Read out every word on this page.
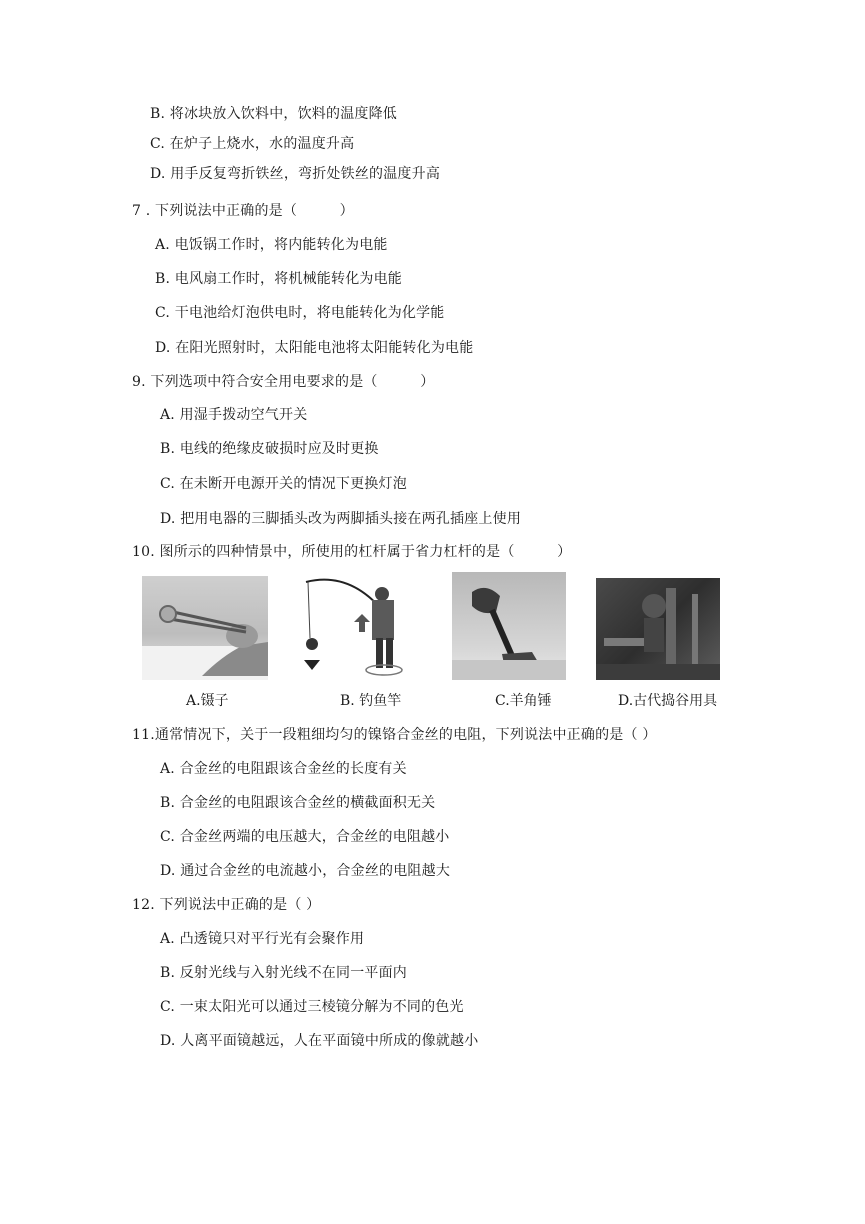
B. 将冰块放入饮料中，饮料的温度降低
C. 在炉子上烧水，水的温度升高
D. 用手反复弯折铁丝，弯折处铁丝的温度升高
7 . 下列说法中正确的是（　　　）
A. 电饭锅工作时，将内能转化为电能
B. 电风扇工作时，将机械能转化为电能
C. 干电池给灯泡供电时，将电能转化为化学能
D. 在阳光照射时，太阳能电池将太阳能转化为电能
9. 下列选项中符合安全用电要求的是（　　　）
A. 用湿手拨动空气开关
B. 电线的绝缘皮破损时应及时更换
C. 在未断开电源开关的情况下更换灯泡
D. 把用电器的三脚插头改为两脚插头接在两孔插座上使用
10. 图所示的四种情景中，所使用的杠杆属于省力杠杆的是（　　　）
A.镊子	B. 钓鱼竿	C.羊角锤	D.古代捣谷用具
11.通常情况下，关于一段粗细均匀的镍铬合金丝的电阻，下列说法中正确的是（ ）
A. 合金丝的电阻跟该合金丝的长度有关
B. 合金丝的电阻跟该合金丝的横截面积无关
C. 合金丝两端的电压越大，合金丝的电阻越小
D. 通过合金丝的电流越小，合金丝的电阻越大
12. 下列说法中正确的是（ ）
A. 凸透镜只对平行光有会聚作用
B. 反射光线与入射光线不在同一平面内
C. 一束太阳光可以通过三棱镜分解为不同的色光
D. 人离平面镜越远，人在平面镜中所成的像就越小
